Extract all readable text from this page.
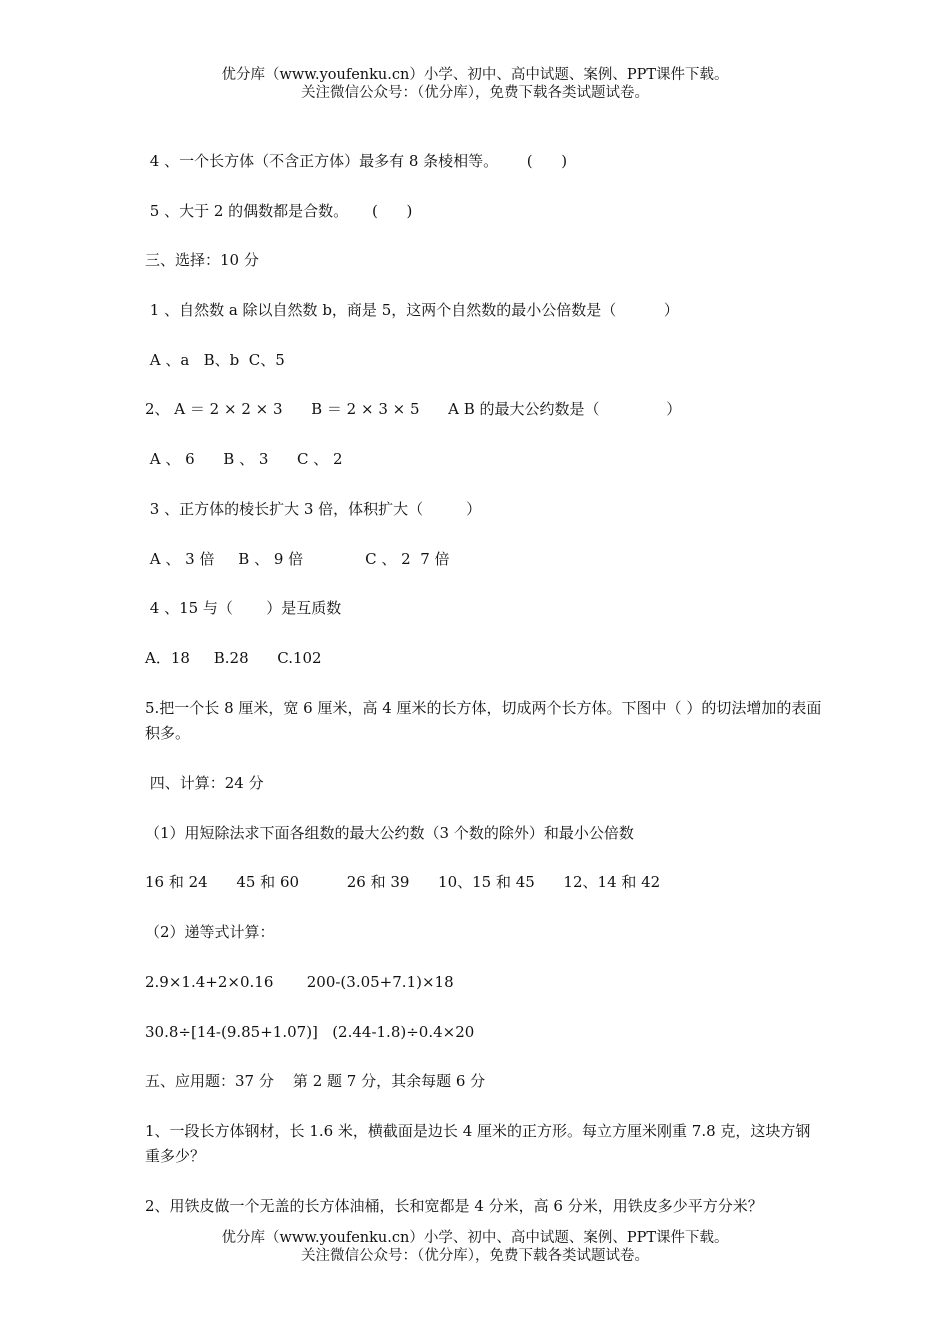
优分库（www.youfenku.cn）小学、初中、高中试题、案例、PPT课件下载。
关注微信公众号：（优分库），免费下载各类试题试卷。
4 、一个长方体（不含正方体）最多有 8 条棱相等。      (      )
5 、大于 2 的偶数都是合数。     (      )
三、选择：10 分
1 、自然数 a 除以自然数 b，商是 5，这两个自然数的最小公倍数是（          ）
A 、a   B、b  C、5
2、 A ＝ 2 × 2 × 3      B ＝ 2 × 3 × 5      A B 的最大公约数是（              ）
A 、 6      B 、 3      C 、 2
3 、正方体的棱长扩大 3 倍，体积扩大（         ）
A 、 3 倍     B 、 9 倍             C 、 2  7 倍
4 、15 与（       ）是互质数
A．18     B.28      C.102
5.把一个长 8 厘米，宽 6 厘米，高 4 厘米的长方体，切成两个长方体。下图中（ ）的切法增加的表面积多。
四、计算：24 分
（1）用短除法求下面各组数的最大公约数（3 个数的除外）和最小公倍数
16 和 24      45 和 60          26 和 39      10、15 和 45      12、14 和 42
（2）递等式计算：
2.9×1.4+2×0.16       200-(3.05+7.1)×18
30.8÷[14-(9.85+1.07)]   (2.44-1.8)÷0.4×20
五、应用题：37 分    第 2 题 7 分，其余每题 6 分
1、一段长方体钢材，长 1.6 米，横截面是边长 4 厘米的正方形。每立方厘米刚重 7.8 克，这块方钢重多少？
2、用铁皮做一个无盖的长方体油桶，长和宽都是 4 分米，高 6 分米，用铁皮多少平方分米？
优分库（www.youfenku.cn）小学、初中、高中试题、案例、PPT课件下载。
关注微信公众号：（优分库），免费下载各类试题试卷。
